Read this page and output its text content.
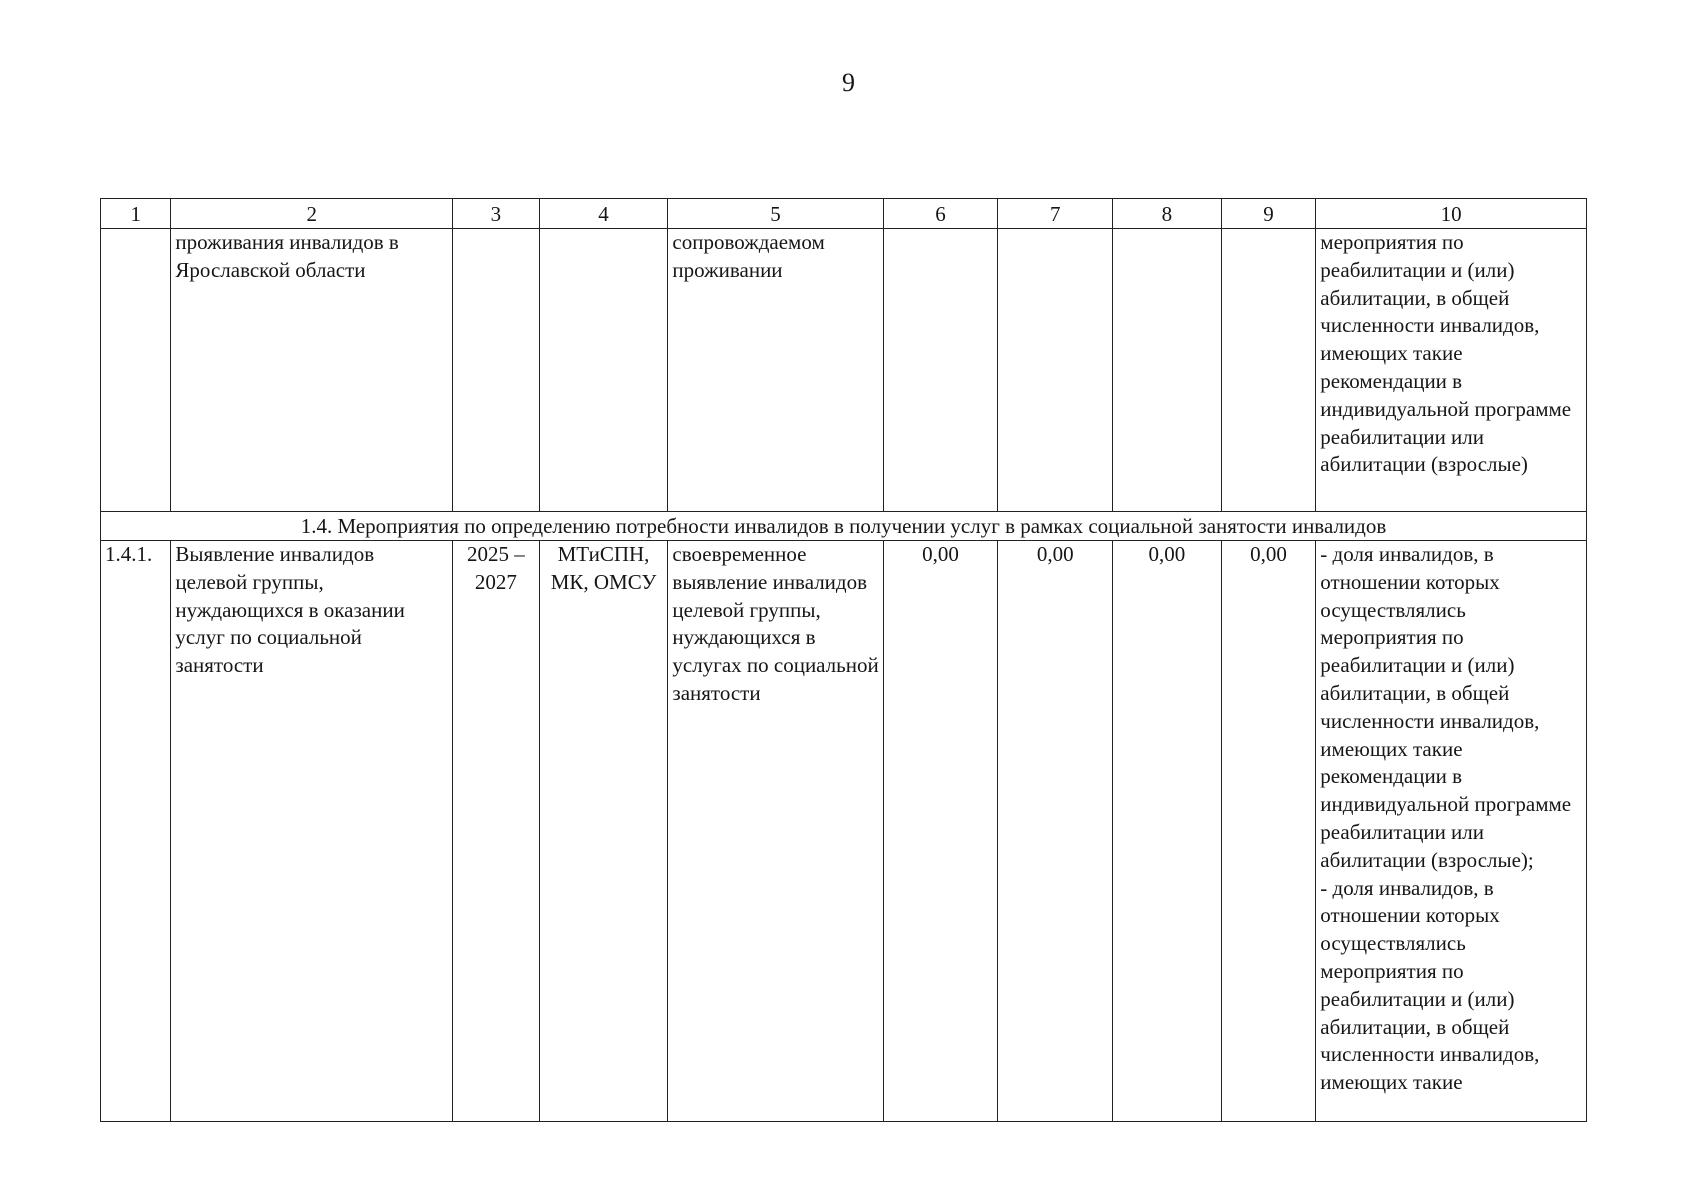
9
1	2	3	4	5	6	7	8	9	10
	проживания инвалидов в Ярославской области			сопровождаемом проживании					мероприятия по реабилитации и (или) абилитации, в общей численности инвалидов, имеющих такие рекомендации в индивидуальной программе реабилитации или абилитации (взрослые)
1.4. Мероприятия по определению потребности инвалидов в получении услуг в рамках социальной занятости инвалидов									
1.4.1.	Выявление инвалидов целевой группы, нуждающихся в оказании услуг по социальной занятости	2025 – 2027	МТиСПН, МК, ОМСУ	своевременное выявление инвалидов целевой группы, нуждающихся в услугах по социальной занятости	0,00	0,00	0,00	0,00	- доля инвалидов, в отношении которых осуществлялись мероприятия по реабилитации и (или) абилитации, в общей численности инвалидов, имеющих такие рекомендации в индивидуальной программе реабилитации или абилитации (взрослые);
- доля инвалидов, в отношении которых осуществлялись мероприятия по реабилитации и (или) абилитации, в общей численности инвалидов, имеющих такие
